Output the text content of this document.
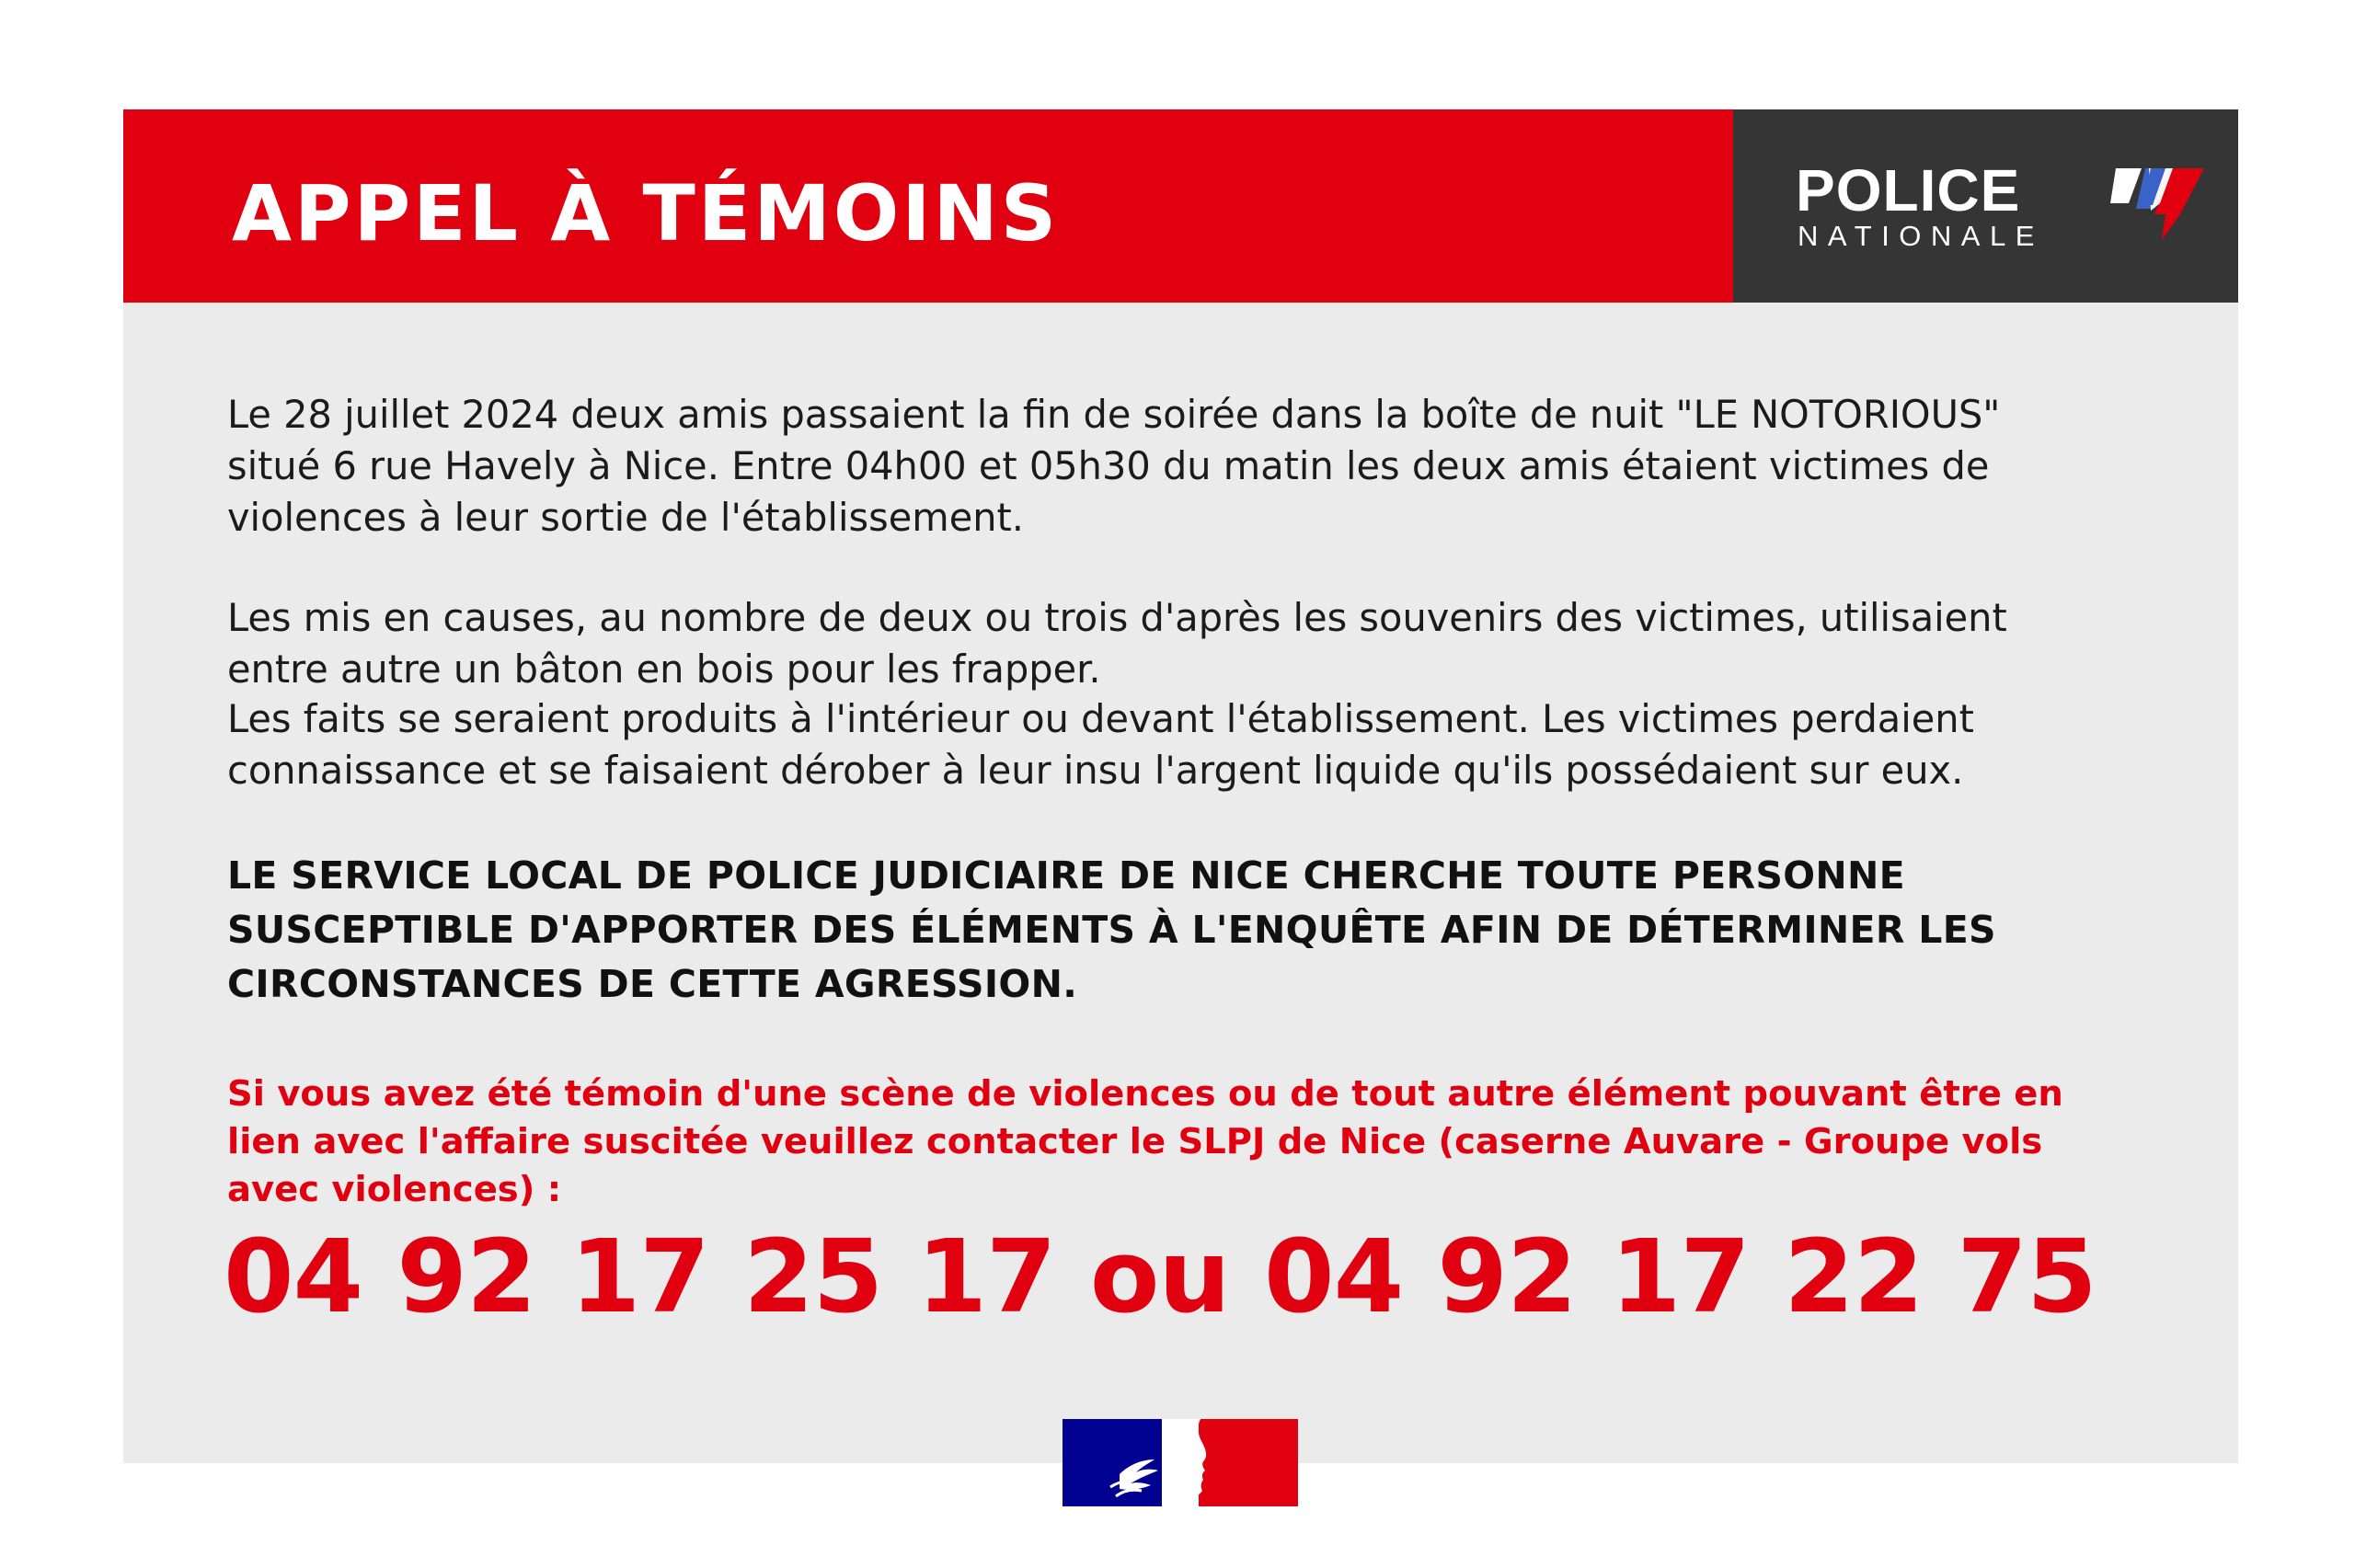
APPEL À TÉMOINS	POLICE
NATIONALE

Le 28 juillet 2024 deux amis passaient la fin de soirée dans la boîte de nuit "LE NOTORIOUS" situé 6 rue Havely à Nice. Entre 04h00 et 05h30 du matin les deux amis étaient victimes de violences à leur sortie de l'établissement.

Les mis en causes, au nombre de deux ou trois d'après les souvenirs des victimes, utilisaient entre autre un bâton en bois pour les frapper.

Les faits se seraient produits à l'intérieur ou devant l'établissement. Les victimes perdaient connaissance et se faisaient dérober à leur insu l'argent liquide qu'ils possédaient sur eux.

LE SERVICE LOCAL DE POLICE JUDICIAIRE DE NICE CHERCHE TOUTE PERSONNE SUSCEPTIBLE D'APPORTER DES ÉLÉMENTS À L'ENQUÊTE AFIN DE DÉTERMINER LES CIRCONSTANCES DE CETTE AGRESSION.

Si vous avez été témoin d'une scène de violences ou de tout autre élément pouvant être en lien avec l'affaire suscitée veuillez contacter le SLPJ de Nice (caserne Auvare - Groupe vols avec violences) :

04 92 17 25 17 ou 04 92 17 22 75
